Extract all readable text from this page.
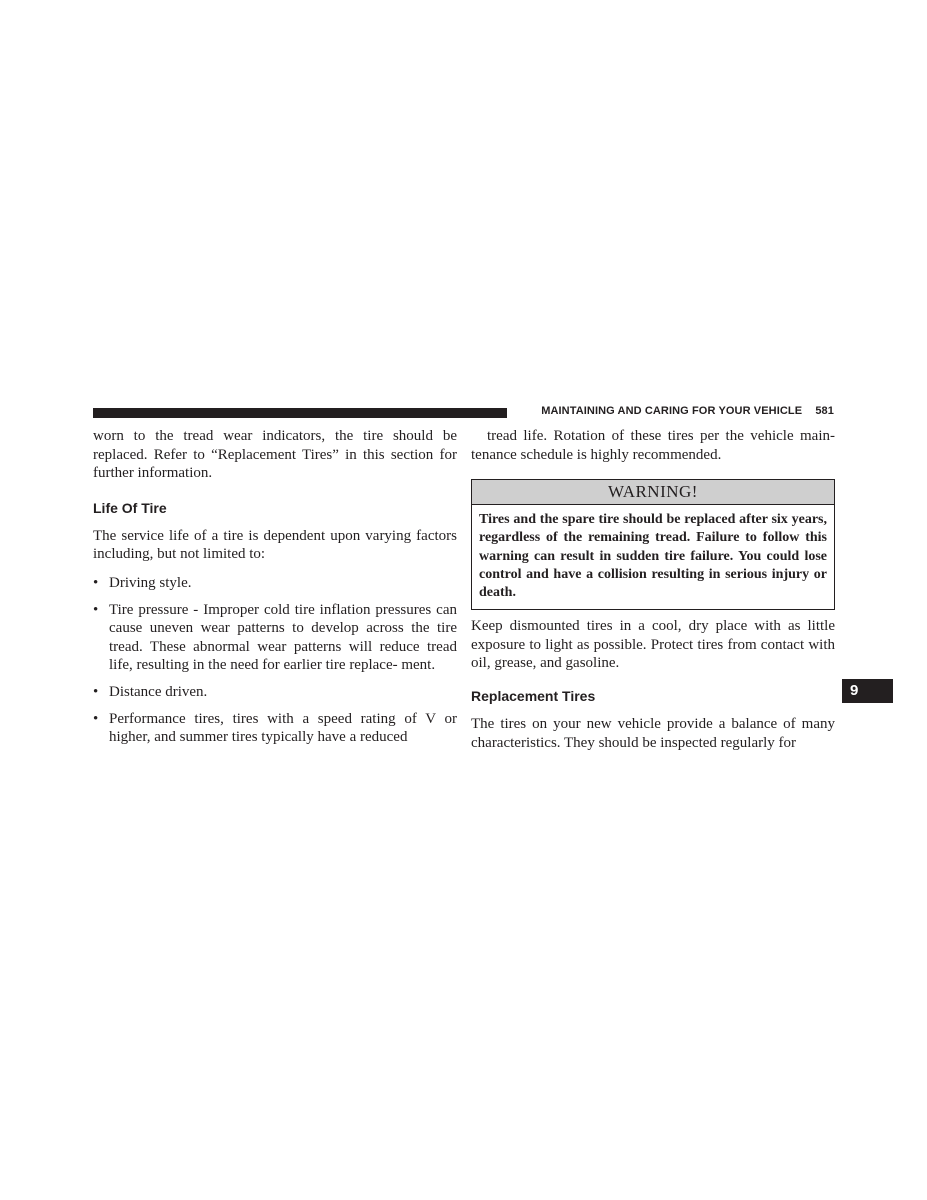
MAINTAINING AND CARING FOR YOUR VEHICLE 581

worn to the tread wear indicators, the tire should be replaced. Refer to “Replacement Tires” in this section for further information.

Life Of Tire

The service life of a tire is dependent upon varying factors including, but not limited to:

• Driving style.
• Tire pressure - Improper cold tire inflation pressures can cause uneven wear patterns to develop across the tire tread. These abnormal wear patterns will reduce tread life, resulting in the need for earlier tire replace- ment.
• Distance driven.
• Performance tires, tires with a speed rating of V or higher, and summer tires typically have a reduced

tread life. Rotation of these tires per the vehicle main- tenance schedule is highly recommended.

WARNING!
Tires and the spare tire should be replaced after six years, regardless of the remaining tread. Failure to follow this warning can result in sudden tire failure. You could lose control and have a collision resulting in serious injury or death.

Keep dismounted tires in a cool, dry place with as little exposure to light as possible. Protect tires from contact with oil, grease, and gasoline.

Replacement Tires

The tires on your new vehicle provide a balance of many characteristics. They should be inspected regularly for

9
